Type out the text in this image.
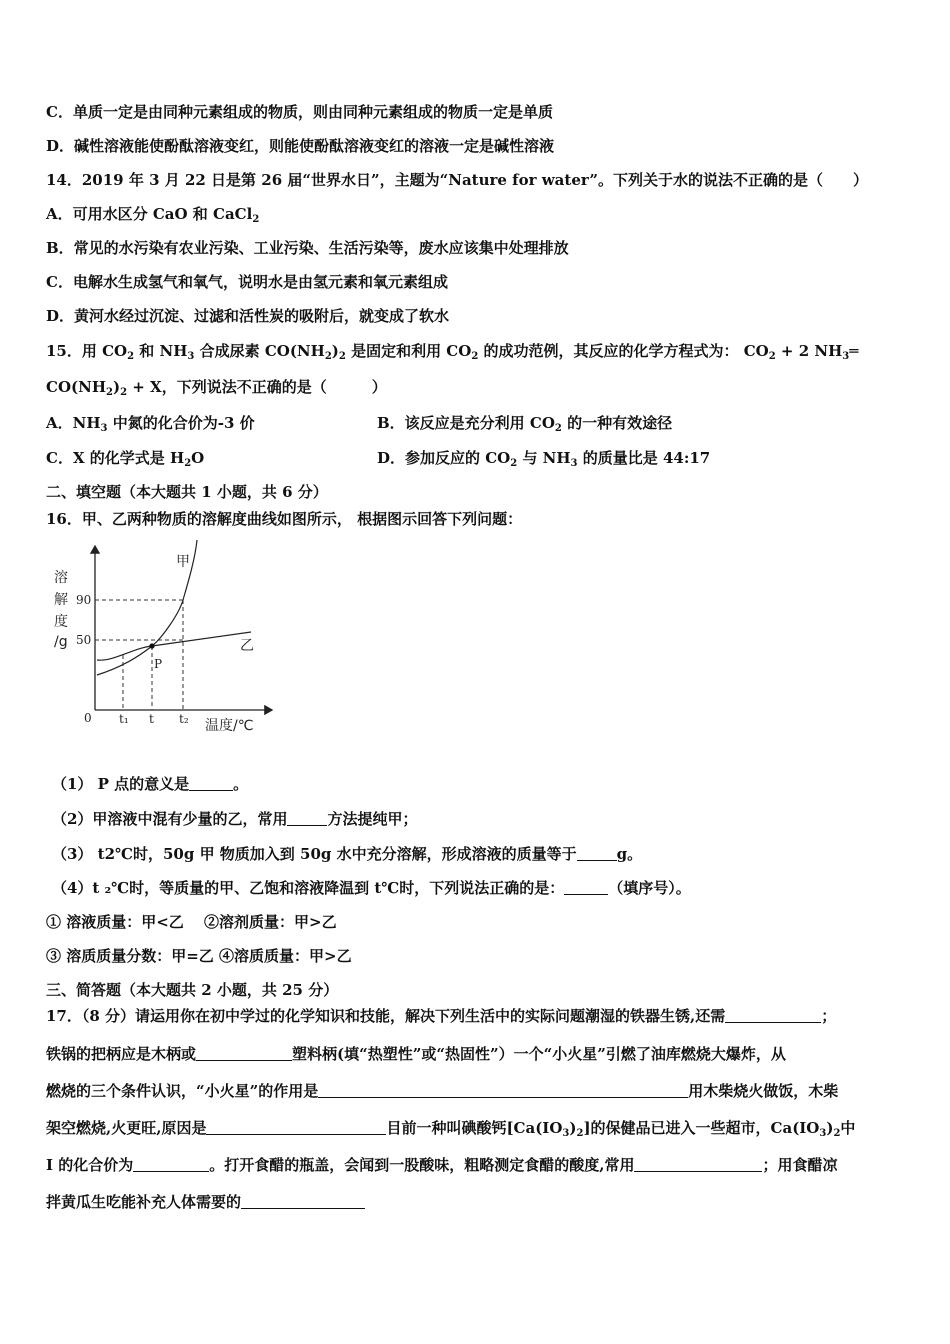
C．单质一定是由同种元素组成的物质，则由同种元素组成的物质一定是单质
D．碱性溶液能使酚酞溶液变红，则能使酚酞溶液变红的溶液一定是碱性溶液
14．2019 年 3 月 22 日是第 26 届“世界水日”，主题为“Nature for water”。下列关于水的说法不正确的是（　　）
A．可用水区分 CaO 和 CaCl$_2$
B．常见的水污染有农业污染、工业污染、生活污染等，废水应该集中处理排放
C．电解水生成氢气和氧气，说明水是由氢元素和氧元素组成
D．黄河水经过沉淀、过滤和活性炭的吸附后，就变成了软水
15．用 $CO_2$ 和 $NH_3$ 合成尿素 $CO(NH_2)_2$ 是固定和利用 $CO_2$ 的成功范例，其反应的化学方程式为： $CO_2 + 2$ $NH_3═$
$CO(NH_2)_2 + X$，下列说法不正确的是（　　　）
A．$NH_3$ 中氮的化合价为-3 价	B．该反应是充分利用 $CO_2$ 的一种有效途径
C．X 的化学式是 $H_2O$	D．参加反应的 $CO_2$ 与 $NH_3$ 的质量比是 44:17
二、填空题（本大题共 1 小题，共 6 分）
16．甲、乙两种物质的溶解度曲线如图所示， 根据图示回答下列问题：
溶
解
度
/g
90
50
0 t₁ t t₂ 温度/℃
甲
乙
P
（1） P 点的意义是	。
（2）甲溶液中混有少量的乙，常用	方法提纯甲；
（3） t2℃时，50g 甲 物质加入到 50g 水中充分溶解，形成溶液的质量等于	g。
（4）t ₂℃时，等质量的甲、乙饱和溶液降温到 t℃时，下列说法正确的是：	（填序号）。
① 溶液质量：甲<乙　 ②溶剂质量：甲>乙
③ 溶质质量分数：甲=乙 ④溶质质量：甲>乙
三、简答题（本大题共 2 小题，共 25 分）
17．（8 分）请运用你在初中学过的化学知识和技能，解决下列生活中的实际问题潮湿的铁器生锈,还需	；
铁锅的把柄应是木柄或	塑料柄(填“热塑性”或“热固性”）一个“小火星”引燃了油库燃烧大爆炸，从
燃烧的三个条件认识，“小火星”的作用是	用木柴烧火做饭，木柴
架空燃烧,火更旺,原因是	目前一种叫碘酸钙$[Ca(IO_3)_2]$的保健品已进入一些超市，$Ca(IO_3)_2$中
I 的化合价为	。打开食醋的瓶盖，会闻到一股酸味，粗略测定食醋的酸度,常用	；用食醋凉
拌黄瓜生吃能补充人体需要的
